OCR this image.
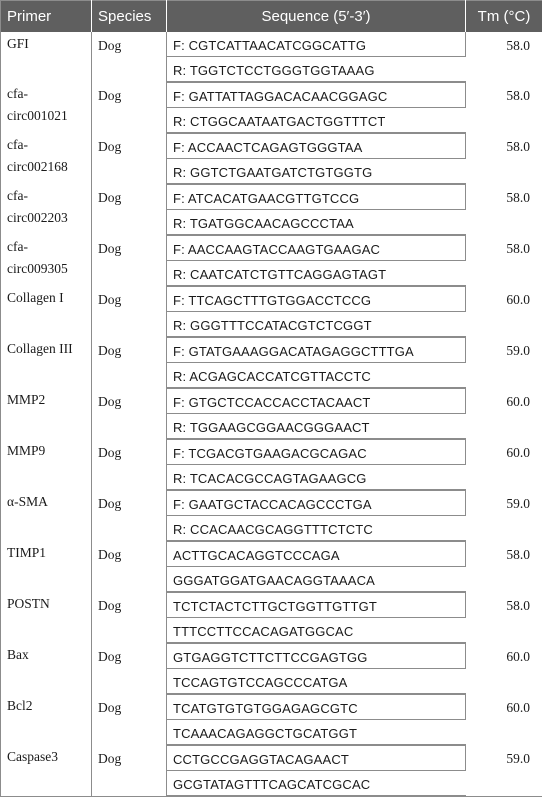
Primer	Species	Sequence (5′-3′)	Tm (°C)
GFI	Dog	F: CGTCATTAACATCGGCATTG	58.0
		R: TGGTCTCCTGGGTGGTAAAG	
cfa-circ001021	Dog	F: GATTATTAGGACACAACGGAGC	58.0
		R: CTGGCAATAATGACTGGTTTCT	
cfa-circ002168	Dog	F: ACCAACTCAGAGTGGGTAA	58.0
		R: GGTCTGAATGATCTGTGGTG	
cfa-circ002203	Dog	F: ATCACATGAACGTTGTCCG	58.0
		R: TGATGGCAACAGCCCTAA	
cfa-circ009305	Dog	F: AACCAAGTACCAAGTGAAGAC	58.0
		R: CAATCATCTGTTCAGGAGTAGT	
Collagen I	Dog	F: TTCAGCTTTGTGGACCTCCG	60.0
		R: GGGTTTCCATACGTCTCGGT	
Collagen III	Dog	F: GTATGAAAGGACATAGAGGCTTTGA	59.0
		R: ACGAGCACCATCGTTACCTC	
MMP2	Dog	F: GTGCTCCACCACCTACAACT	60.0
		R: TGGAAGCGGAACGGGAACT	
MMP9	Dog	F: TCGACGTGAAGACGCAGAC	60.0
		R: TCACACGCCAGTAGAAGCG	
α-SMA	Dog	F: GAATGCTACCACAGCCCTGA	59.0
		R: CCACAACGCAGGTTTCTCTC	
TIMP1	Dog	ACTTGCACAGGTCCCAGA	58.0
		GGGATGGATGAACAGGTAAACA	
POSTN	Dog	TCTCTACTCTTGCTGGTTGTTGT	58.0
		TTTCCTTCCACAGATGGCAC	
Bax	Dog	GTGAGGTCTTCTTCCGAGTGG	60.0
		TCCAGTGTCCAGCCCATGA	
Bcl2	Dog	TCATGTGTGTGGAGAGCGTC	60.0
		TCAAACAGAGGCTGCATGGT	
Caspase3	Dog	CCTGCCGAGGTACAGAACT	59.0
		GCGTATAGTTTCAGCATCGCAC	
